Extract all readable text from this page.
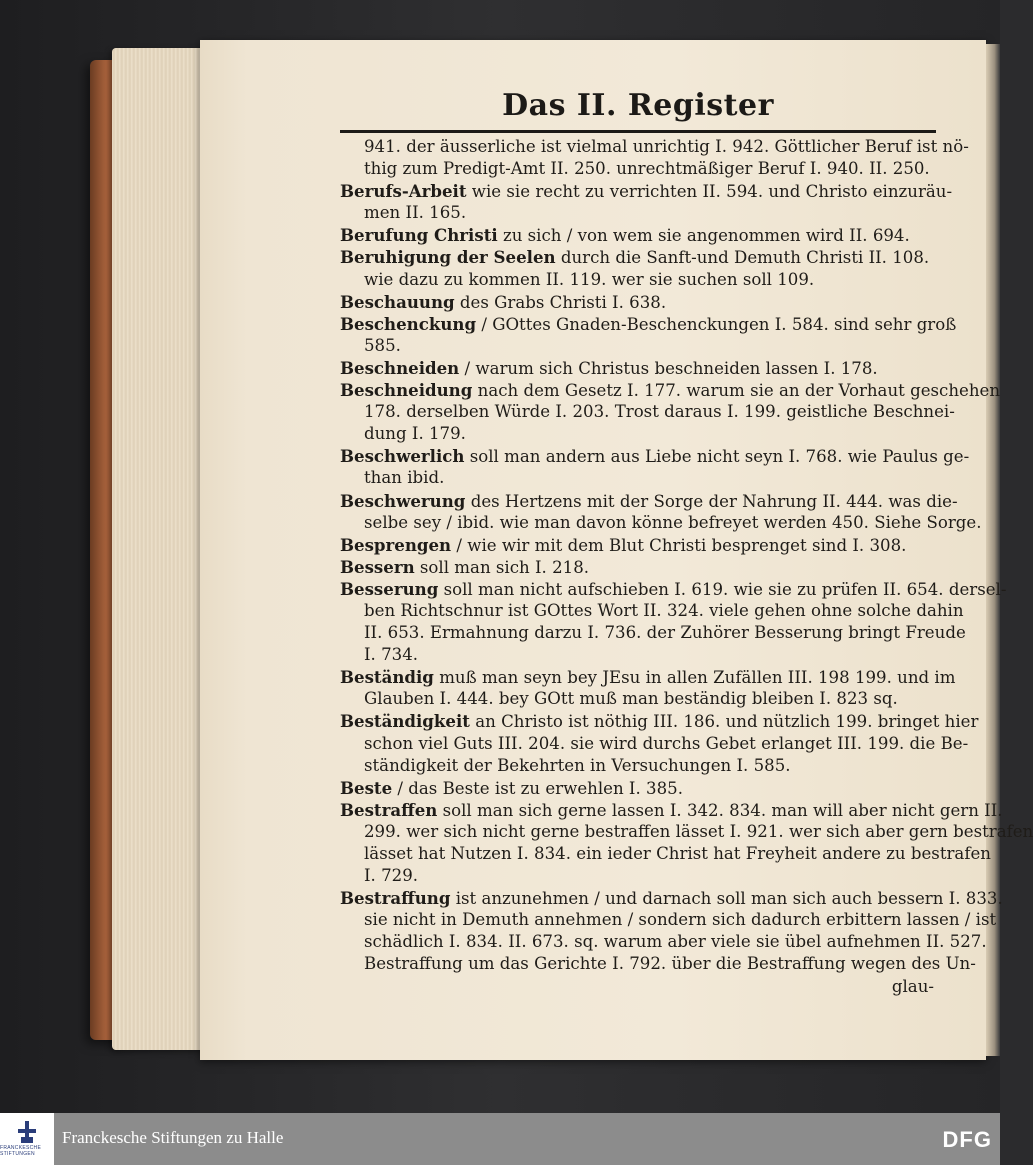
Das II. Register
941. der äusserliche ist vielmal unrichtig I. 942. Göttlicher Beruf ist nö-
thig zum Predigt-Amt II. 250. unrechtmäßiger Beruf I. 940. II. 250.
Berufs-Arbeit wie sie recht zu verrichten II. 594. und Christo einzuräu-
men II. 165.
Berufung Christi zu sich / von wem sie angenommen wird II. 694.
Beruhigung der Seelen durch die Sanft-und Demuth Christi II. 108.
wie dazu zu kommen II. 119. wer sie suchen soll 109.
Beschauung des Grabs Christi I. 638.
Beschenckung / GOttes Gnaden-Beschenckungen I. 584. sind sehr groß
585.
Beschneiden / warum sich Christus beschneiden lassen I. 178.
Beschneidung nach dem Gesetz I. 177. warum sie an der Vorhaut geschehen
178. derselben Würde I. 203. Trost daraus I. 199. geistliche Beschnei-
dung I. 179.
Beschwerlich soll man andern aus Liebe nicht seyn I. 768. wie Paulus ge-
than ibid.
Beschwerung des Hertzens mit der Sorge der Nahrung II. 444. was die-
selbe sey / ibid. wie man davon könne befreyet werden 450. Siehe Sorge.
Besprengen / wie wir mit dem Blut Christi besprenget sind I. 308.
Bessern soll man sich I. 218.
Besserung soll man nicht aufschieben I. 619. wie sie zu prüfen II. 654. dersel-
ben Richtschnur ist GOttes Wort II. 324. viele gehen ohne solche dahin
II. 653. Ermahnung darzu I. 736. der Zuhörer Besserung bringt Freude
I. 734.
Beständig muß man seyn bey JEsu in allen Zufällen III. 198 199. und im
Glauben I. 444. bey GOtt muß man beständig bleiben I. 823 sq.
Beständigkeit an Christo ist nöthig III. 186. und nützlich 199. bringet hier
schon viel Guts III. 204. sie wird durchs Gebet erlanget III. 199. die Be-
ständigkeit der Bekehrten in Versuchungen I. 585.
Beste / das Beste ist zu erwehlen I. 385.
Bestraffen soll man sich gerne lassen I. 342. 834. man will aber nicht gern II.
299. wer sich nicht gerne bestraffen lässet I. 921. wer sich aber gern bestrafen
lässet hat Nutzen I. 834. ein ieder Christ hat Freyheit andere zu bestrafen
I. 729.
Bestraffung ist anzunehmen / und darnach soll man sich auch bessern I. 833.
sie nicht in Demuth annehmen / sondern sich dadurch erbittern lassen / ist
schädlich I. 834. II. 673. sq. warum aber viele sie übel aufnehmen II. 527.
Bestraffung um das Gerichte I. 792. über die Bestraffung wegen des Un-
glau-
FRANCKESCHE STIFTUNGEN
Franckesche Stiftungen zu Halle	DFG
